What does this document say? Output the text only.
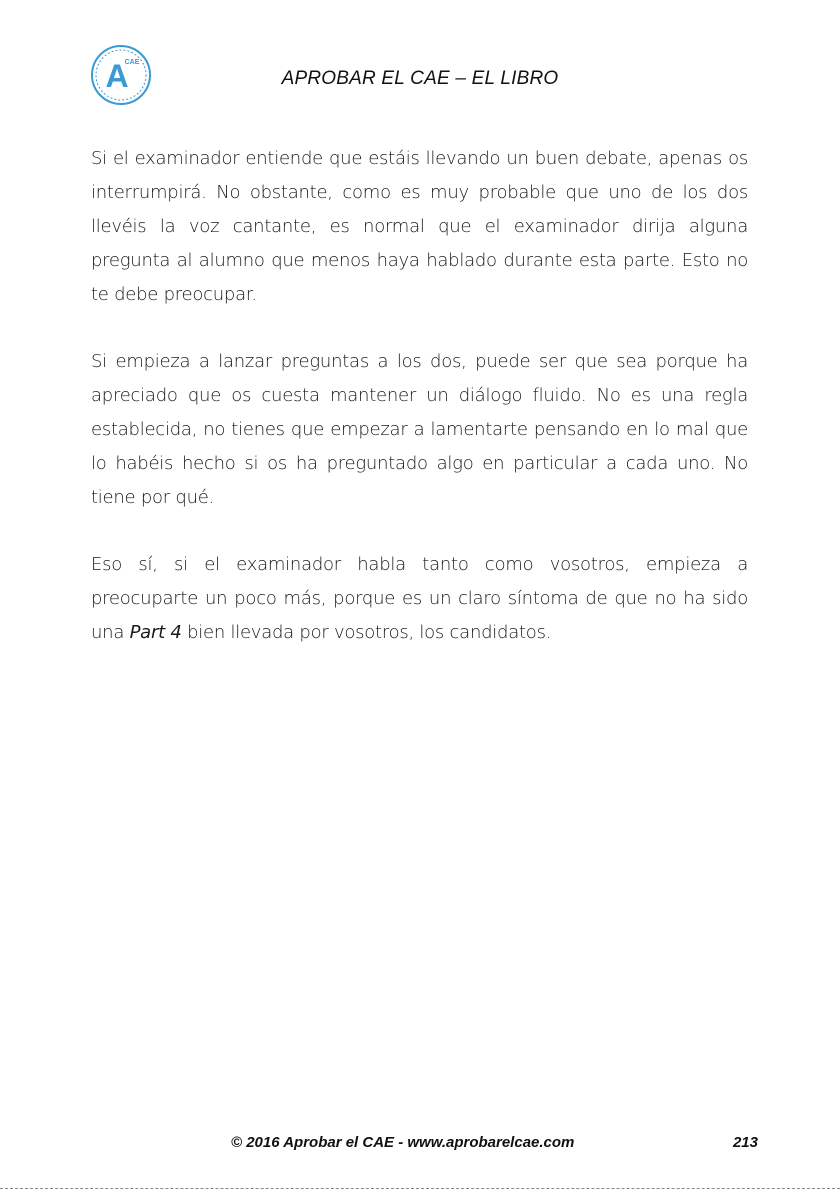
A
CAE
APROBAR EL CAE – EL LIBRO

Si el examinador entiende que estáis llevando un buen debate, apenas os interrumpirá. No obstante, como es muy probable que uno de los dos llevéis la voz cantante, es normal que el examinador dirija alguna pregunta al alumno que menos haya hablado durante esta parte. Esto no te debe preocupar.

Si empieza a lanzar preguntas a los dos, puede ser que sea porque ha apreciado que os cuesta mantener un diálogo fluido. No es una regla establecida, no tienes que empezar a lamentarte pensando en lo mal que lo habéis hecho si os ha preguntado algo en particular a cada uno. No tiene por qué.

Eso sí, si el examinador habla tanto como vosotros, empieza a preocuparte un poco más, porque es un claro síntoma de que no ha sido una Part 4 bien llevada por vosotros, los candidatos.

© 2016 Aprobar el CAE - www.aprobarelcae.com	213
